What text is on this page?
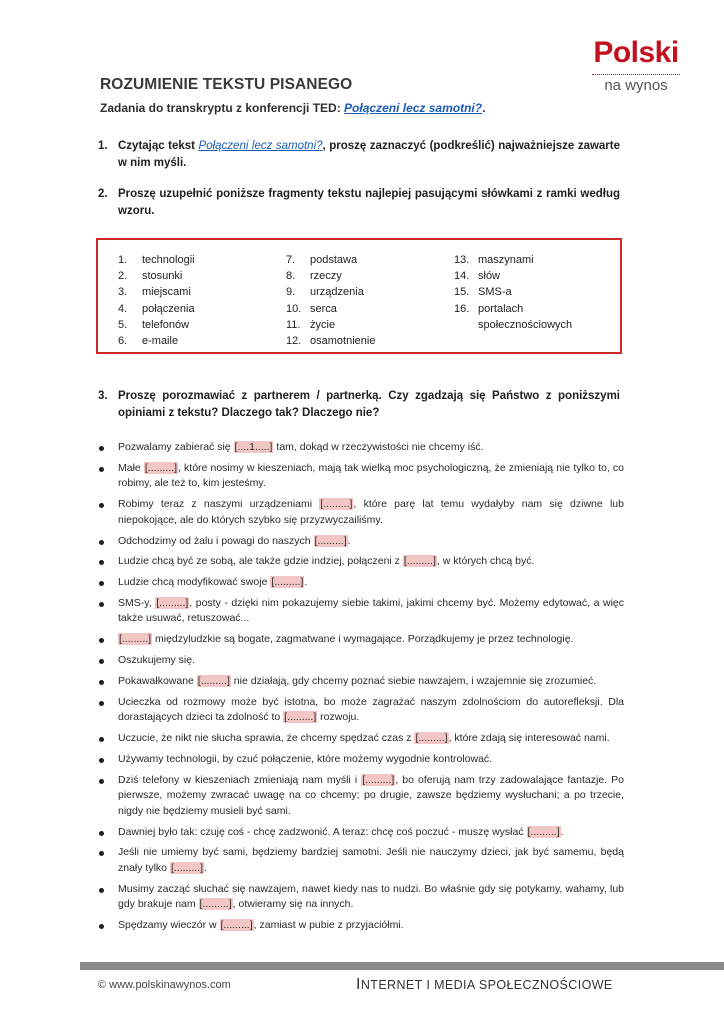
Polski
na wynos
ROZUMIENIE TEKSTU PISANEGO
Zadania do transkryptu z konferencji TED: Połączeni lecz samotni?.
1. Czytając tekst Połączeni lecz samotni?, proszę zaznaczyć (podkreślić) najważniejsze zawarte w nim myśli.
2. Proszę uzupełnić poniższe fragmenty tekstu najlepiej pasującymi słówkami z ramki według wzoru.
1. technologii
2. stosunki
3. miejscami
4. połączenia
5. telefonów
6. e-maile
7. podstawa
8. rzeczy
9. urządzenia
10. serca
11. życie
12. osamotnienie
13. maszynami
14. słów
15. SMS-a
16. portalach
społecznościowych
3. Proszę porozmawiać z partnerem / partnerką. Czy zgadzają się Państwo z poniższymi opiniami z tekstu? Dlaczego tak? Dlaczego nie?
Pozwalamy zabierać się [....1.....] tam, dokąd w rzeczywistości nie chcemy iść.
Małe [.........], które nosimy w kieszeniach, mają tak wielką moc psychologiczną, że zmieniają nie tylko to, co robimy, ale też to, kim jesteśmy.
Robimy teraz z naszymi urządzeniami [.........], które parę lat temu wydałyby nam się dziwne lub niepokojące, ale do których szybko się przyzwyczailiśmy.
Odchodzimy od żalu i powagi do naszych [.........].
Ludzie chcą być ze sobą, ale także gdzie indziej, połączeni z [.........], w których chcą być.
Ludzie chcą modyfikować swoje [.........].
SMS-y, [.........], posty - dzięki nim pokazujemy siebie takimi, jakimi chcemy być. Możemy edytować, a więc także usuwać, retuszować...
[.........] międzyludzkie są bogate, zagmatwane i wymagające. Porządkujemy je przez technologię.
Oszukujemy się.
Pokawałkowane [.........] nie działają, gdy chcemy poznać siebie nawzajem, i wzajemnie się zrozumieć.
Ucieczka od rozmowy może być istotna, bo może zagrażać naszym zdolnościom do autorefleksji. Dla dorastających dzieci ta zdolność to [.........] rozwoju.
Uczucie, że nikt nie słucha sprawia, że chcemy spędzać czas z [.........], które zdają się interesować nami.
Używamy technologii, by czuć połączenie, które możemy wygodnie kontrolować.
Dziś telefony w kieszeniach zmieniają nam myśli i [.........], bo oferują nam trzy zadowalające fantazje. Po pierwsze, możemy zwracać uwagę na co chcemy; po drugie, zawsze będziemy wysłuchani; a po trzecie, nigdy nie będziemy musieli być sami.
Dawniej było tak: czuję coś - chcę zadzwonić. A teraz: chcę coś poczuć - muszę wysłać [.........].
Jeśli nie umiemy być sami, będziemy bardziej samotni. Jeśli nie nauczymy dzieci, jak być samemu, będą znały tylko [.........].
Musimy zacząć słuchać się nawzajem, nawet kiedy nas to nudzi. Bo właśnie gdy się potykamy, wahamy, lub gdy brakuje nam [.........], otwieramy się na innych.
Spędzamy wieczór w [.........], zamiast w pubie z przyjaciółmi.
© www.polskinawynos.com	INTERNET I MEDIA SPOŁECZNOŚCIOWE
